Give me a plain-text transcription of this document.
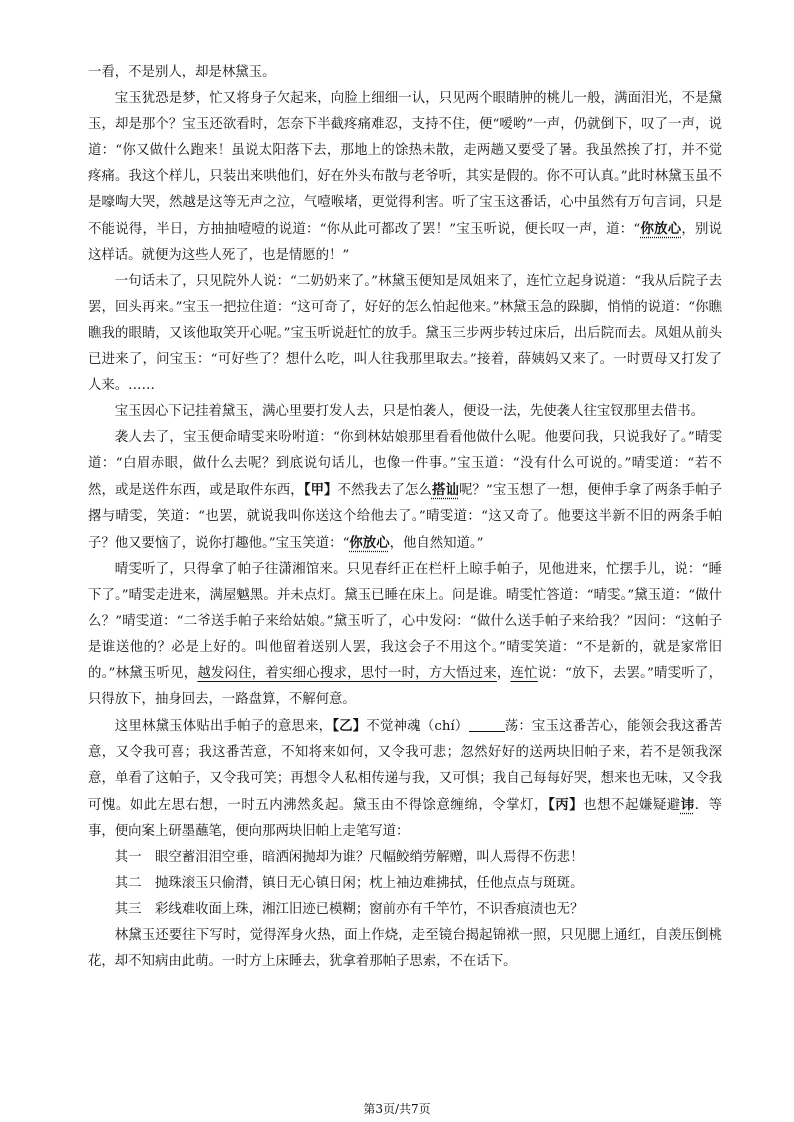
一看，不是别人，却是林黛玉。

宝玉犹恐是梦，忙又将身子欠起来，向脸上细细一认，只见两个眼睛肿的桃儿一般，满面泪光，不是黛玉，却是那个？宝玉还欲看时，怎奈下半截疼痛难忍，支持不住，便“嗳哟”一声，仍就倒下，叹了一声，说道：“你又做什么跑来！虽说太阳落下去，那地上的馀热未散，走两趟又要受了暑。我虽然挨了打，并不觉疼痛。我这个样儿，只装出来哄他们，好在外头布散与老爷听，其实是假的。你不可认真。”此时林黛玉虽不是嚎啕大哭，然越是这等无声之泣，气噎喉堵，更觉得利害。听了宝玉这番话，心中虽然有万句言词，只是不能说得，半日，方抽抽噎噎的说道：“你从此可都改了罢！”宝玉听说，便长叹一声，道：“你放心，别说这样话。就便为这些人死了，也是情愿的！”

一句话未了，只见院外人说：“二奶奶来了。”林黛玉便知是凤姐来了，连忙立起身说道：“我从后院子去罢，回头再来。”宝玉一把拉住道：“这可奇了，好好的怎么怕起他来。”林黛玉急的跺脚，悄悄的说道：“你瞧瞧我的眼睛，又该他取笑开心呢。”宝玉听说赶忙的放手。黛玉三步两步转过床后，出后院而去。凤姐从前头已进来了，问宝玉：“可好些了？想什么吃，叫人往我那里取去。”接着，薛姨妈又来了。一时贾母又打发了人来。……

宝玉因心下记挂着黛玉，满心里要打发人去，只是怕袭人，便设一法，先使袭人往宝钗那里去借书。

袭人去了，宝玉便命晴雯来吩咐道：“你到林姑娘那里看看他做什么呢。他要问我，只说我好了。”晴雯道：“白眉赤眼，做什么去呢？到底说句话儿，也像一件事。”宝玉道：“没有什么可说的。”晴雯道：“若不然，或是送件东西，或是取件东西，【甲】不然我去了怎么搭讪呢？”宝玉想了一想，便伸手拿了两条手帕子撂与晴雯，笑道：“也罢，就说我叫你送这个给他去了。”晴雯道：“这又奇了。他要这半新不旧的两条手帕子？他又要恼了，说你打趣他。”宝玉笑道：“你放心，他自然知道。”

晴雯听了，只得拿了帕子往潇湘馆来。只见春纤正在栏杆上晾手帕子，见他进来，忙摆手儿，说：“睡下了。”晴雯走进来，满屋魆黑。并未点灯。黛玉已睡在床上。问是谁。晴雯忙答道：“晴雯。”黛玉道：“做什么？”晴雯道：“二爷送手帕子来给姑娘。”黛玉听了，心中发闷：“做什么送手帕子来给我？”因问：“这帕子是谁送他的？必是上好的。叫他留着送别人罢，我这会子不用这个。”晴雯笑道：“不是新的，就是家常旧的。”林黛玉听见，越发闷住，着实细心搜求，思忖一时，方大悟过来，连忙说：“放下，去罢。”晴雯听了，只得放下，抽身回去，一路盘算，不解何意。

这里林黛玉体贴出手帕子的意思来，【乙】不觉神魂（chí）	荡：宝玉这番苦心，能领会我这番苦意，又令我可喜；我这番苦意，不知将来如何，又令我可悲；忽然好好的送两块旧帕子来，若不是领我深意，单看了这帕子，又令我可笑；再想令人私相传递与我，又可惧；我自己每每好哭，想来也无味，又令我可愧。如此左思右想，一时五内沸然炙起。黛玉由不得馀意缠绵，令掌灯，【丙】也想不起嫌疑避讳．等事，便向案上研墨蘸笔，便向那两块旧帕上走笔写道：

其一　眼空蓄泪泪空垂，暗洒闲抛却为谁？尺幅鲛绡劳解赠，叫人焉得不伤悲！

其二　抛珠滚玉只偷潸，镇日无心镇日闲；枕上袖边难拂拭，任他点点与斑斑。

其三　彩线难收面上珠，湘江旧迹已模糊；窗前亦有千竿竹，不识香痕渍也无？

林黛玉还要往下写时，觉得浑身火热，面上作烧，走至镜台揭起锦袱一照，只见腮上通红，自羡压倒桃花，却不知病由此萌。一时方上床睡去，犹拿着那帕子思索，不在话下。

第3页/共7页
